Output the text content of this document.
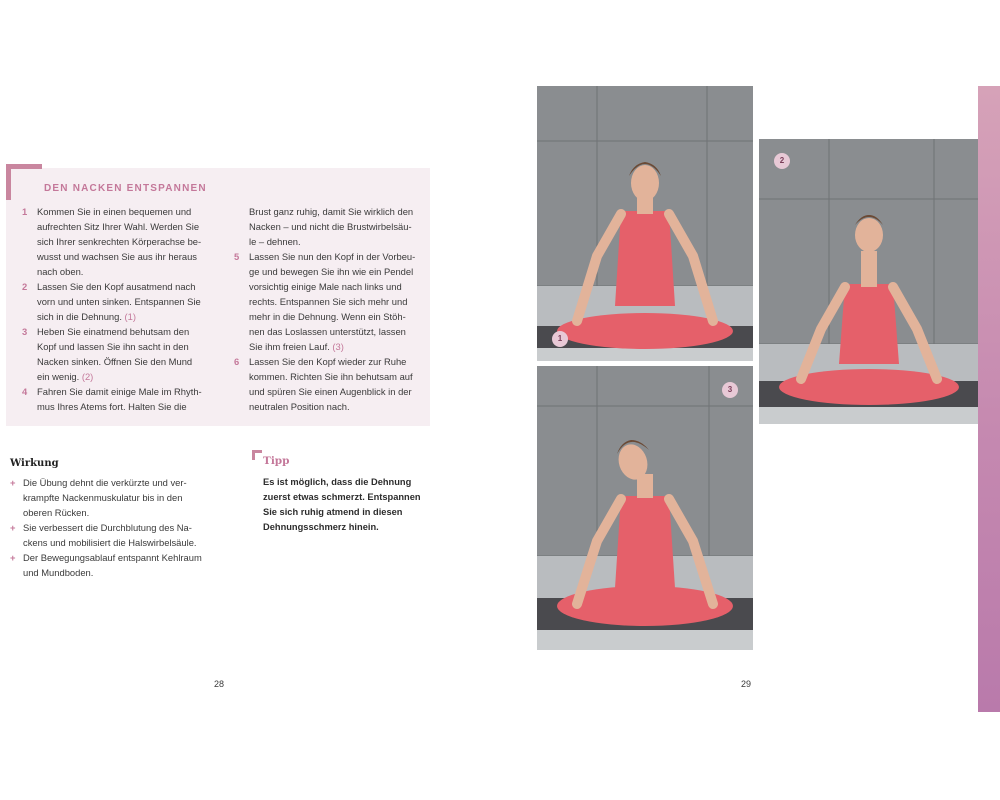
DEN NACKEN ENTSPANNEN
1 Kommen Sie in einen bequemen und
aufrechten Sitz Ihrer Wahl. Werden Sie
sich Ihrer senkrechten Körperachse be-
wusst und wachsen Sie aus ihr heraus
nach oben.
2 Lassen Sie den Kopf ausatmend nach
vorn und unten sinken. Entspannen Sie
sich in die Dehnung. (1)
3 Heben Sie einatmend behutsam den
Kopf und lassen Sie ihn sacht in den
Nacken sinken. Öffnen Sie den Mund
ein wenig. (2)
4 Fahren Sie damit einige Male im Rhyth-
mus Ihres Atems fort. Halten Sie die
Brust ganz ruhig, damit Sie wirklich den
Nacken – und nicht die Brustwirbelsäu-
le – dehnen.
5 Lassen Sie nun den Kopf in der Vorbeu-
ge und bewegen Sie ihn wie ein Pendel
vorsichtig einige Male nach links und
rechts. Entspannen Sie sich mehr und
mehr in die Dehnung. Wenn ein Stöh-
nen das Loslassen unterstützt, lassen
Sie ihm freien Lauf. (3)
6 Lassen Sie den Kopf wieder zur Ruhe
kommen. Richten Sie ihn behutsam auf
und spüren Sie einen Augenblick in der
neutralen Position nach.
Wirkung
+ Die Übung dehnt die verkürzte und ver-
krampfte Nackenmuskulatur bis in den
oberen Rücken.
+ Sie verbessert die Durchblutung des Na-
ckens und mobilisiert die Halswirbelsäule.
+ Der Bewegungsablauf entspannt Kehlraum
und Mundboden.
Tipp
Es ist möglich, dass die Dehnung
zuerst etwas schmerzt. Entspannen
Sie sich ruhig atmend in diesen
Dehnungsschmerz hinein.
28	29
1
2
3
